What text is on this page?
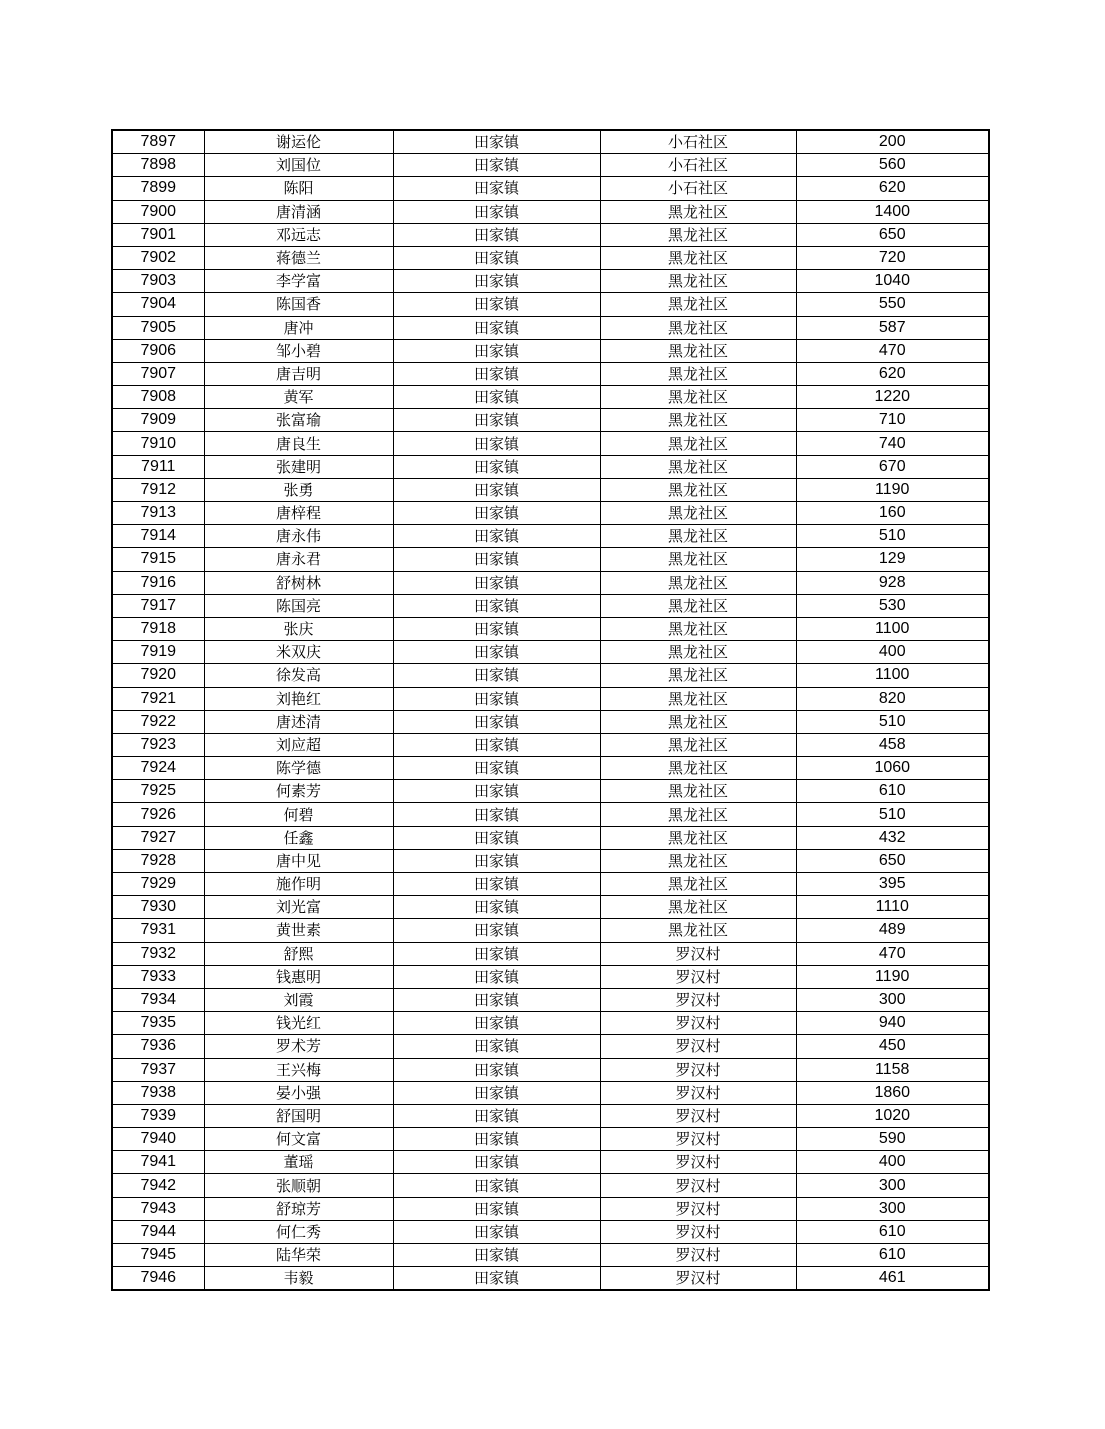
7897	谢运伦	田家镇	小石社区	200
7898	刘国位	田家镇	小石社区	560
7899	陈阳	田家镇	小石社区	620
7900	唐清涵	田家镇	黑龙社区	1400
7901	邓远志	田家镇	黑龙社区	650
7902	蒋德兰	田家镇	黑龙社区	720
7903	李学富	田家镇	黑龙社区	1040
7904	陈国香	田家镇	黑龙社区	550
7905	唐冲	田家镇	黑龙社区	587
7906	邹小碧	田家镇	黑龙社区	470
7907	唐吉明	田家镇	黑龙社区	620
7908	黄军	田家镇	黑龙社区	1220
7909	张富瑜	田家镇	黑龙社区	710
7910	唐良生	田家镇	黑龙社区	740
7911	张建明	田家镇	黑龙社区	670
7912	张勇	田家镇	黑龙社区	1190
7913	唐梓程	田家镇	黑龙社区	160
7914	唐永伟	田家镇	黑龙社区	510
7915	唐永君	田家镇	黑龙社区	129
7916	舒树林	田家镇	黑龙社区	928
7917	陈国亮	田家镇	黑龙社区	530
7918	张庆	田家镇	黑龙社区	1100
7919	米双庆	田家镇	黑龙社区	400
7920	徐发高	田家镇	黑龙社区	1100
7921	刘艳红	田家镇	黑龙社区	820
7922	唐述清	田家镇	黑龙社区	510
7923	刘应超	田家镇	黑龙社区	458
7924	陈学德	田家镇	黑龙社区	1060
7925	何素芳	田家镇	黑龙社区	610
7926	何碧	田家镇	黑龙社区	510
7927	任鑫	田家镇	黑龙社区	432
7928	唐中见	田家镇	黑龙社区	650
7929	施作明	田家镇	黑龙社区	395
7930	刘光富	田家镇	黑龙社区	1110
7931	黄世素	田家镇	黑龙社区	489
7932	舒熙	田家镇	罗汉村	470
7933	钱惠明	田家镇	罗汉村	1190
7934	刘霞	田家镇	罗汉村	300
7935	钱光红	田家镇	罗汉村	940
7936	罗术芳	田家镇	罗汉村	450
7937	王兴梅	田家镇	罗汉村	1158
7938	晏小强	田家镇	罗汉村	1860
7939	舒国明	田家镇	罗汉村	1020
7940	何文富	田家镇	罗汉村	590
7941	董瑶	田家镇	罗汉村	400
7942	张顺朝	田家镇	罗汉村	300
7943	舒琼芳	田家镇	罗汉村	300
7944	何仁秀	田家镇	罗汉村	610
7945	陆华荣	田家镇	罗汉村	610
7946	韦毅	田家镇	罗汉村	461
